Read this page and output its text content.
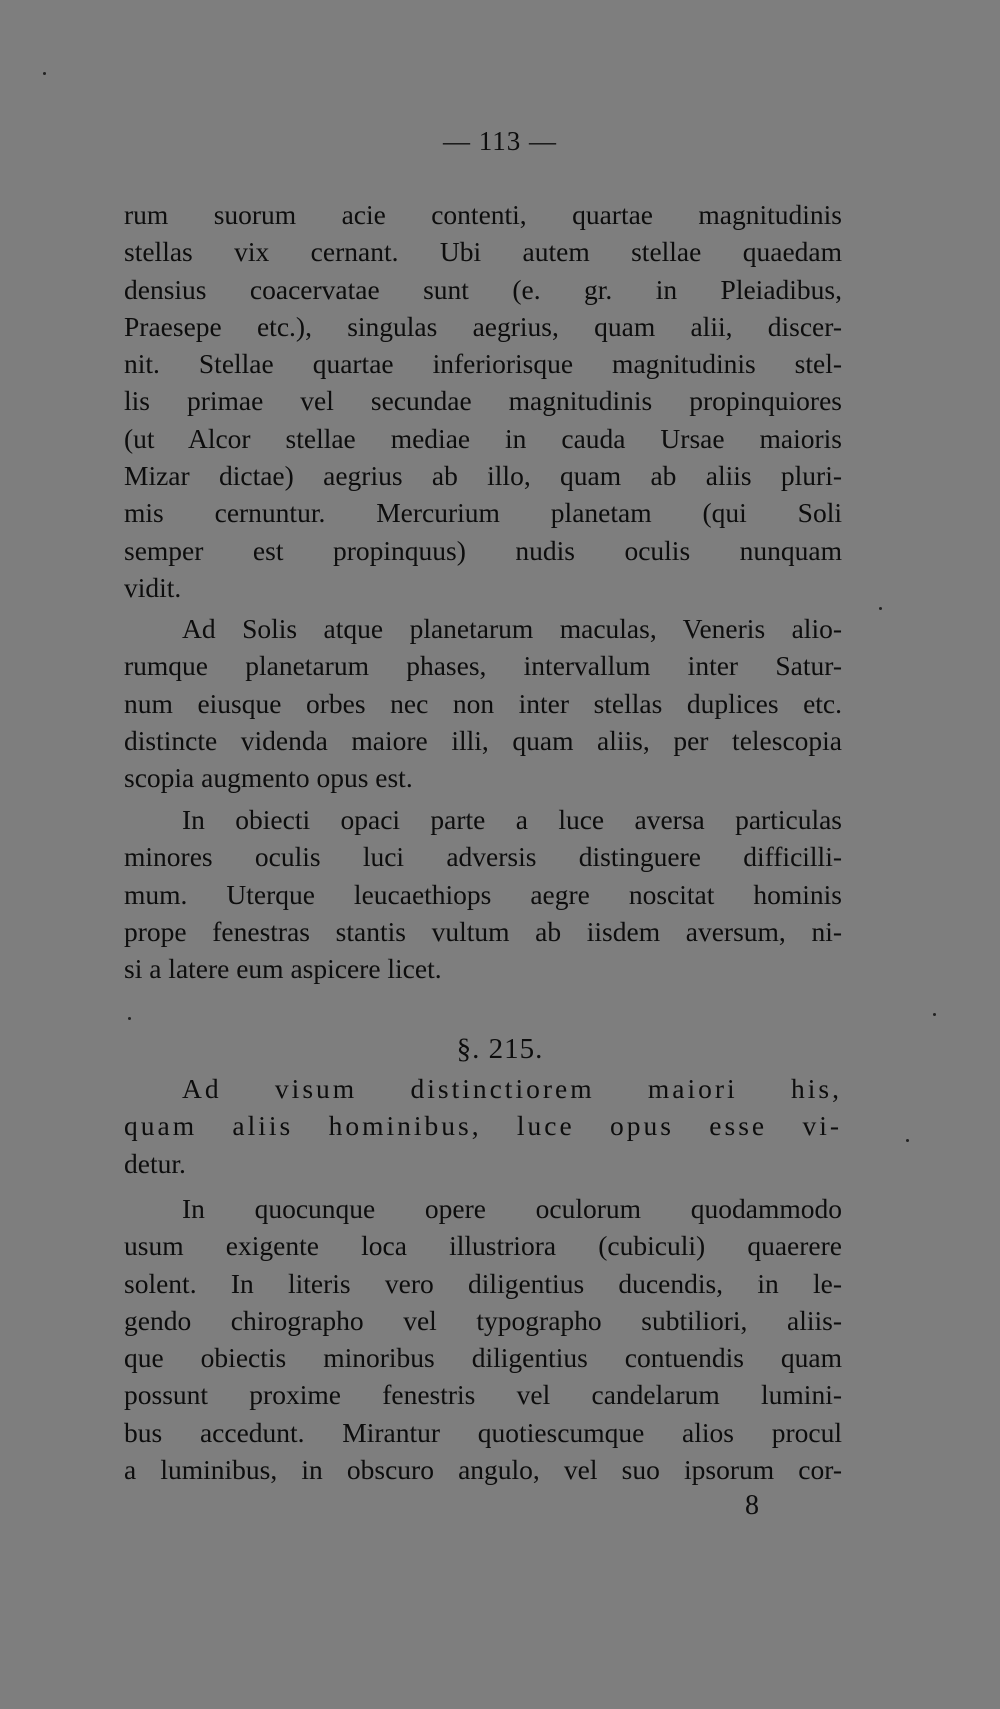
— 113 —
rum suorum acie contenti, quartae magnitudinis
stellas vix cernant. Ubi autem stellae quaedam
densius coacervatae sunt (e. gr. in Pleiadibus,
Praesepe etc.), singulas aegrius, quam alii, discer-
nit. Stellae quartae inferiorisque magnitudinis stel-
lis primae vel secundae magnitudinis propinquiores
(ut Alcor stellae mediae in cauda Ursae maioris
Mizar dictae) aegrius ab illo, quam ab aliis pluri-
mis cernuntur. Mercurium planetam (qui Soli
semper est propinquus) nudis oculis nunquam
vidit.
Ad Solis atque planetarum maculas, Veneris alio-
rumque planetarum phases, intervallum inter Satur-
num eiusque orbes nec non inter stellas duplices etc.
distincte videnda maiore illi, quam aliis, per telescopia
scopia augmento opus est.
In obiecti opaci parte a luce aversa particulas
minores oculis luci adversis distinguere difficilli-
mum. Uterque leucaethiops aegre noscitat hominis
prope fenestras stantis vultum ab iisdem aversum, ni-
si a latere eum aspicere licet.
§. 215.
Ad visum distinctiorem maiori his,
quam aliis hominibus, luce opus esse vi-
detur.
In quocunque opere oculorum quodammodo
usum exigente loca illustriora (cubiculi) quaerere
solent. In literis vero diligentius ducendis, in le-
gendo chirographo vel typographo subtiliori, aliis-
que obiectis minoribus diligentius contuendis quam
possunt proxime fenestris vel candelarum lumini-
bus accedunt. Mirantur quotiescumque alios procul
a luminibus, in obscuro angulo, vel suo ipsorum cor-
8
